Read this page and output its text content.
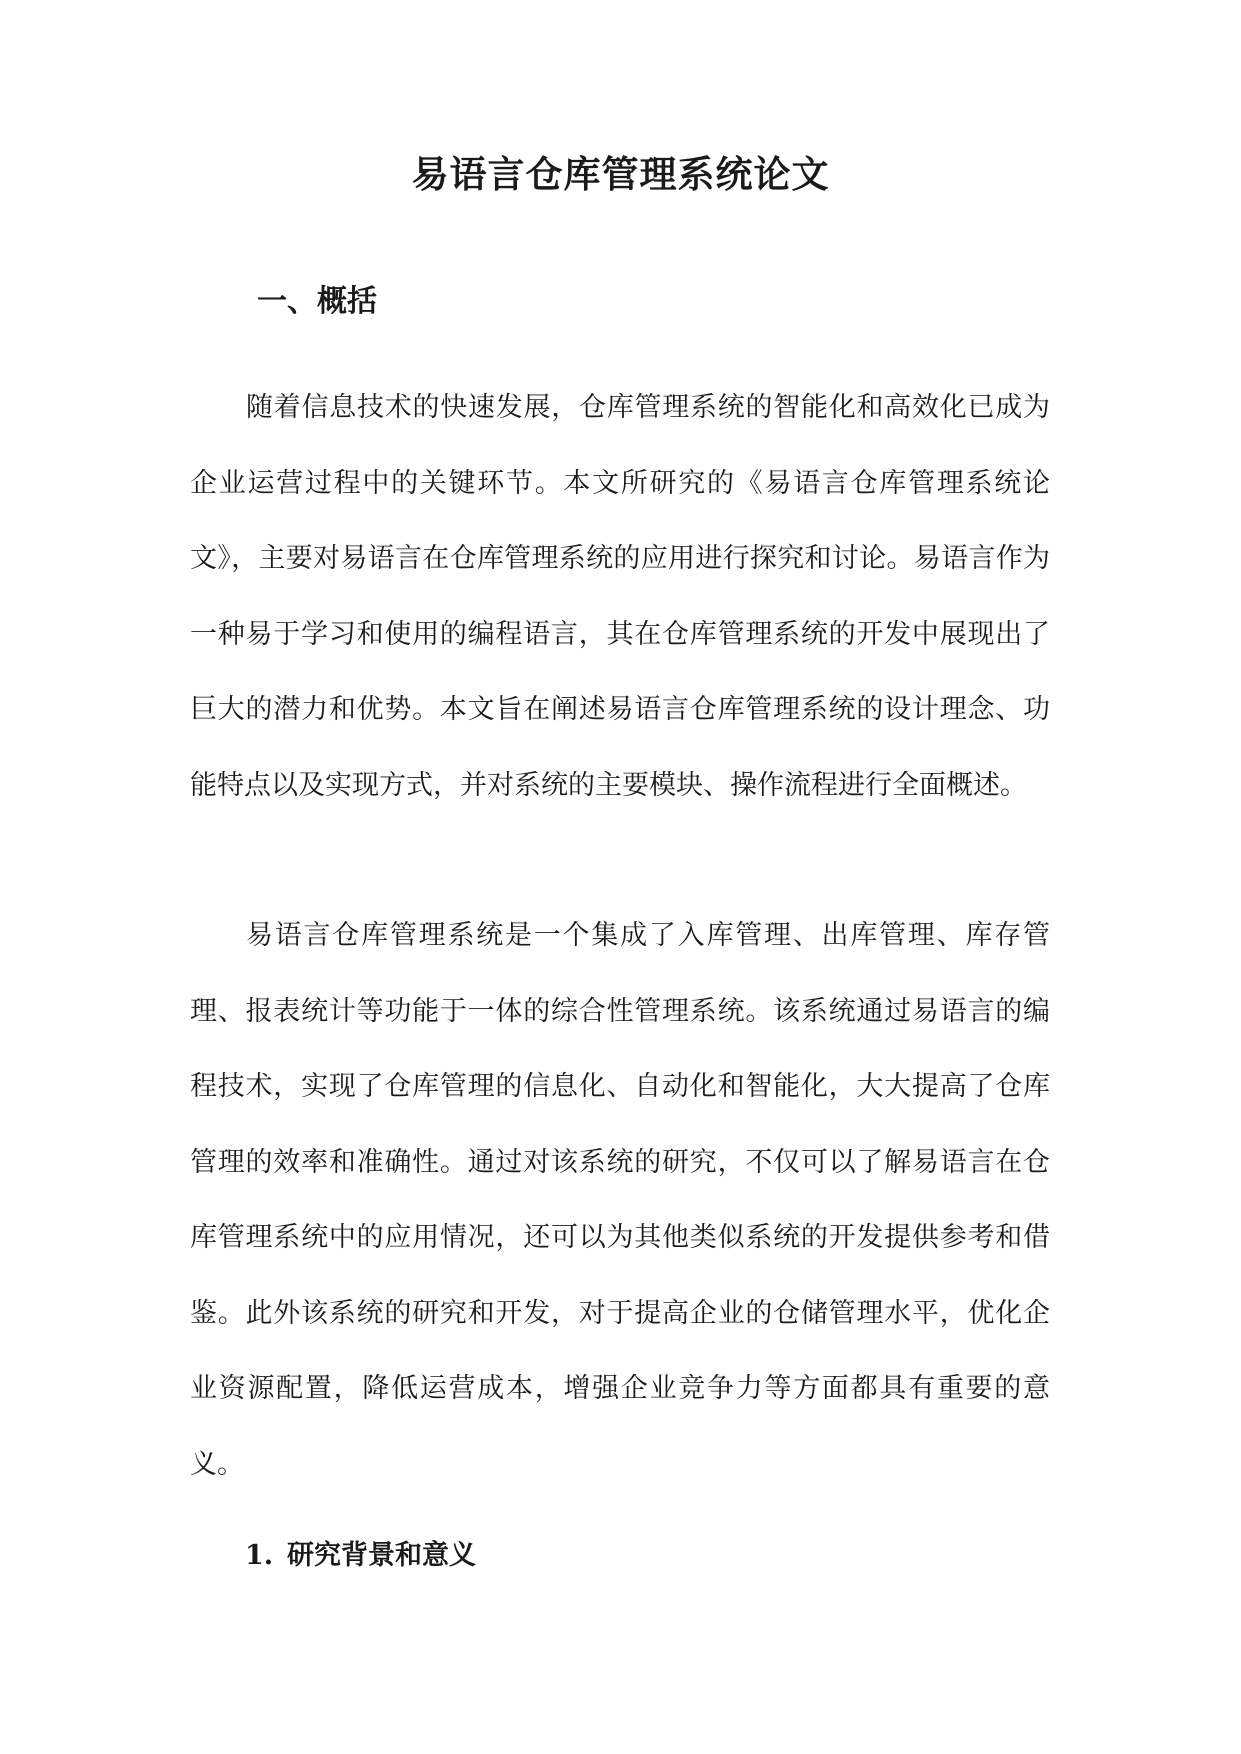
易语言仓库管理系统论文
一、概括

随着信息技术的快速发展，仓库管理系统的智能化和高效化已成为企业运营过程中的关键环节。本文所研究的《易语言仓库管理系统论文》，主要对易语言在仓库管理系统的应用进行探究和讨论。易语言作为一种易于学习和使用的编程语言，其在仓库管理系统的开发中展现出了巨大的潜力和优势。本文旨在阐述易语言仓库管理系统的设计理念、功能特点以及实现方式，并对系统的主要模块、操作流程进行全面概述。

易语言仓库管理系统是一个集成了入库管理、出库管理、库存管理、报表统计等功能于一体的综合性管理系统。该系统通过易语言的编程技术，实现了仓库管理的信息化、自动化和智能化，大大提高了仓库管理的效率和准确性。通过对该系统的研究，不仅可以了解易语言在仓库管理系统中的应用情况，还可以为其他类似系统的开发提供参考和借鉴。此外该系统的研究和开发，对于提高企业的仓储管理水平，优化企业资源配置，降低运营成本，增强企业竞争力等方面都具有重要的意义。

1. 研究背景和意义
